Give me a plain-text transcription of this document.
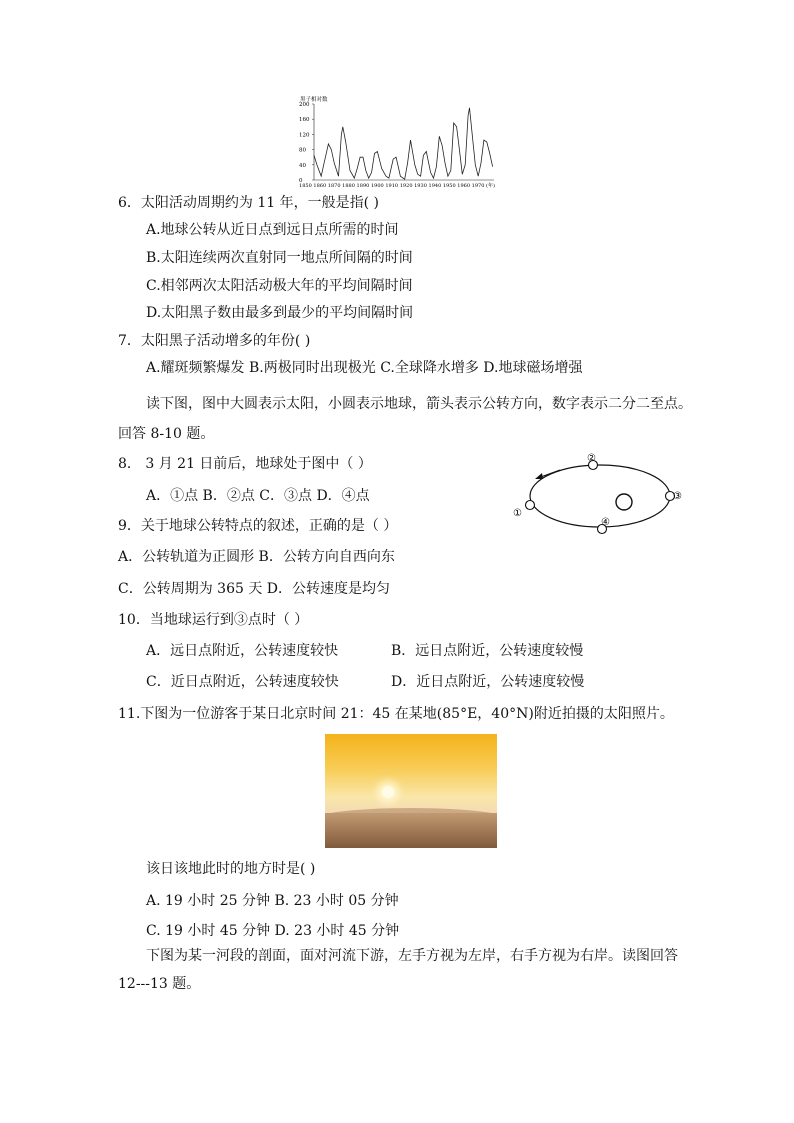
黑子相对数
200
160
120
80
40
0
1850 1860 1870 1880 1890 1900 1910 1920 1930 1940 1950 1960 1970 (年)
6．太阳活动周期约为 11 年，一般是指( )
A.地球公转从近日点到远日点所需的时间
B.太阳连续两次直射同一地点所间隔的时间
C.相邻两次太阳活动极大年的平均间隔时间
D.太阳黑子数由最多到最少的平均间隔时间
7．太阳黑子活动增多的年份( )
A.耀斑频繁爆发 B.两极同时出现极光 C.全球降水增多 D.地球磁场增强
读下图，图中大圆表示太阳，小圆表示地球，箭头表示公转方向，数字表示二分二至点。
回答 8-10 题。
8． 3 月 21 日前后，地球处于图中（ ）
A．①点 B．②点 C．③点 D．④点
②
③
④
①
9．关于地球公转特点的叙述，正确的是（ ）
A．公转轨道为正圆形 B．公转方向自西向东
C．公转周期为 365 天 D．公转速度是均匀
10．当地球运行到③点时（ ）
A．远日点附近，公转速度较快	B．远日点附近，公转速度较慢
C．近日点附近，公转速度较快	D．近日点附近，公转速度较慢
11.下图为一位游客于某日北京时间 21：45 在某地(85°E，40°N)附近拍摄的太阳照片。
该日该地此时的地方时是( )
A. 19 小时 25 分钟 B. 23 小时 05 分钟
C. 19 小时 45 分钟 D. 23 小时 45 分钟
下图为某一河段的剖面，面对河流下游，左手方视为左岸，右手方视为右岸。读图回答
12---13 题。
